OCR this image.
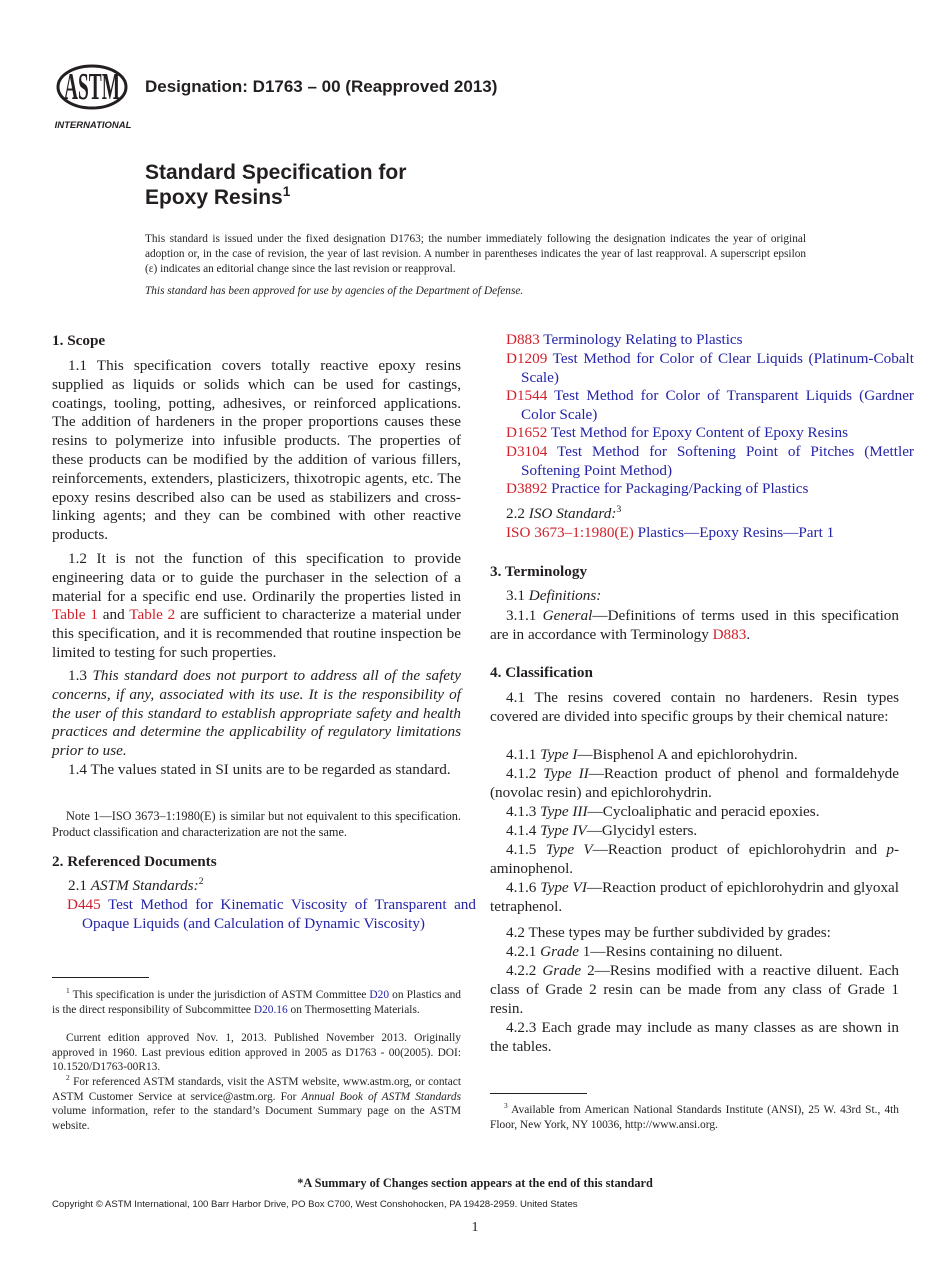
ASTM
INTERNATIONAL
Designation: D1763 – 00 (Reapproved 2013)
Standard Specification for
Epoxy Resins$^1$
This standard is issued under the fixed designation D1763; the number immediately following the designation indicates the year of original adoption or, in the case of revision, the year of last revision. A number in parentheses indicates the year of last reapproval. A superscript epsilon (ε) indicates an editorial change since the last revision or reapproval.
This standard has been approved for use by agencies of the Department of Defense.
1. Scope
1.1 This specification covers totally reactive epoxy resins supplied as liquids or solids which can be used for castings, coatings, tooling, potting, adhesives, or reinforced applications. The addition of hardeners in the proper proportions causes these resins to polymerize into infusible products. The properties of these products can be modified by the addition of various fillers, reinforcements, extenders, plasticizers, thixotropic agents, etc. The epoxy resins described also can be used as stabilizers and cross-linking agents; and they can be combined with other reactive products.
1.2 It is not the function of this specification to provide engineering data or to guide the purchaser in the selection of a material for a specific end use. Ordinarily the properties listed in Table 1 and Table 2 are sufficient to characterize a material under this specification, and it is recommended that routine inspection be limited to testing for such properties.
1.3 This standard does not purport to address all of the safety concerns, if any, associated with its use. It is the responsibility of the user of this standard to establish appropriate safety and health practices and determine the applicability of regulatory limitations prior to use.
1.4 The values stated in SI units are to be regarded as standard.
Note 1—ISO 3673–1:1980(E) is similar but not equivalent to this specification. Product classification and characterization are not the same.
2. Referenced Documents
2.1 ASTM Standards:$^2$
D445 Test Method for Kinematic Viscosity of Transparent and Opaque Liquids (and Calculation of Dynamic Viscosity)
$^1$ This specification is under the jurisdiction of ASTM Committee D20 on Plastics and is the direct responsibility of Subcommittee D20.16 on Thermosetting Materials.
Current edition approved Nov. 1, 2013. Published November 2013. Originally approved in 1960. Last previous edition approved in 2005 as D1763 - 00(2005). DOI: 10.1520/D1763-00R13.
$^2$ For referenced ASTM standards, visit the ASTM website, www.astm.org, or contact ASTM Customer Service at service@astm.org. For Annual Book of ASTM Standards volume information, refer to the standard’s Document Summary page on the ASTM website.
D883 Terminology Relating to Plastics
D1209 Test Method for Color of Clear Liquids (Platinum-Cobalt Scale)
D1544 Test Method for Color of Transparent Liquids (Gardner Color Scale)
D1652 Test Method for Epoxy Content of Epoxy Resins
D3104 Test Method for Softening Point of Pitches (Mettler Softening Point Method)
D3892 Practice for Packaging/Packing of Plastics
2.2 ISO Standard:$^3$
ISO 3673–1:1980(E) Plastics—Epoxy Resins—Part 1
3. Terminology
3.1 Definitions:
3.1.1 General—Definitions of terms used in this specification are in accordance with Terminology D883.
4. Classification
4.1 The resins covered contain no hardeners. Resin types covered are divided into specific groups by their chemical nature:
4.1.1 Type I—Bisphenol A and epichlorohydrin.
4.1.2 Type II—Reaction product of phenol and formaldehyde (novolac resin) and epichlorohydrin.
4.1.3 Type III—Cycloaliphatic and peracid epoxies.
4.1.4 Type IV—Glycidyl esters.
4.1.5 Type V—Reaction product of epichlorohydrin and p-aminophenol.
4.1.6 Type VI—Reaction product of epichlorohydrin and glyoxal tetraphenol.
4.2 These types may be further subdivided by grades:
4.2.1 Grade 1—Resins containing no diluent.
4.2.2 Grade 2—Resins modified with a reactive diluent. Each class of Grade 2 resin can be made from any class of Grade 1 resin.
4.2.3 Each grade may include as many classes as are shown in the tables.
$^3$ Available from American National Standards Institute (ANSI), 25 W. 43rd St., 4th Floor, New York, NY 10036, http://www.ansi.org.
*A Summary of Changes section appears at the end of this standard
Copyright © ASTM International, 100 Barr Harbor Drive, PO Box C700, West Conshohocken, PA 19428-2959. United States
1
